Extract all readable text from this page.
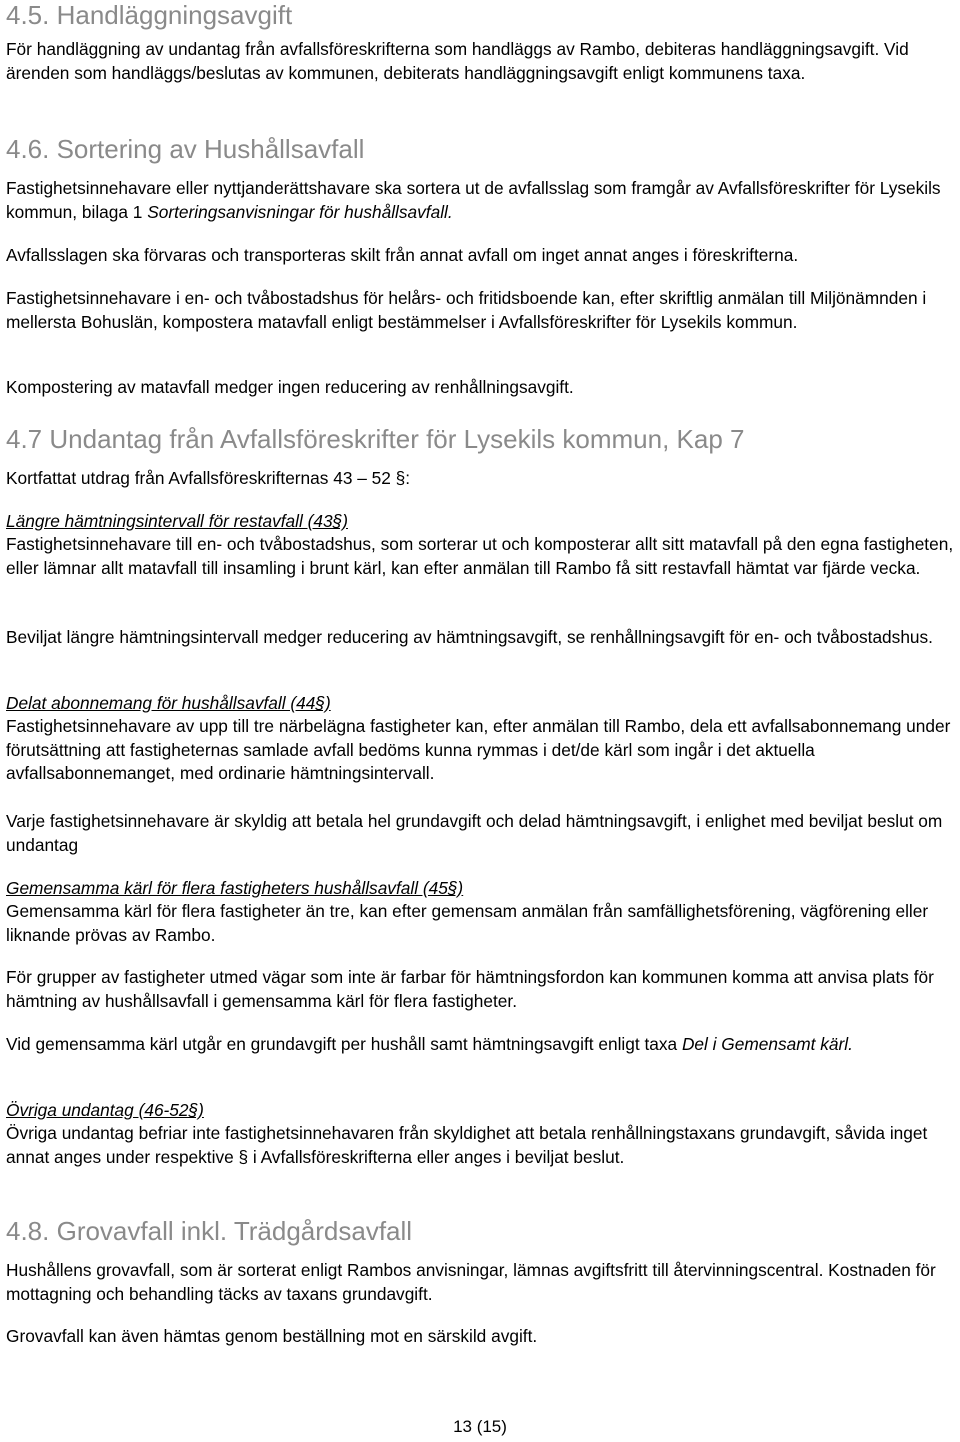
4.5. Handläggningsavgift

För handläggning av undantag från avfallsföreskrifterna som handläggs av Rambo, debiteras handläggningsavgift. Vid ärenden som handläggs/beslutas av kommunen, debiterats handläggningsavgift enligt kommunens taxa.

4.6. Sortering av Hushållsavfall

Fastighetsinnehavare eller nyttjanderättshavare ska sortera ut de avfallsslag som framgår av Avfallsföreskrifter för Lysekils kommun, bilaga 1 Sorteringsanvisningar för hushållsavfall.

Avfallsslagen ska förvaras och transporteras skilt från annat avfall om inget annat anges i föreskrifterna.

Fastighetsinnehavare i en- och tvåbostadshus för helårs- och fritidsboende kan, efter skriftlig anmälan till Miljönämnden i mellersta Bohuslän, kompostera matavfall enligt bestämmelser i Avfallsföreskrifter för Lysekils kommun.

Kompostering av matavfall medger ingen reducering av renhållningsavgift.

4.7 Undantag från Avfallsföreskrifter för Lysekils kommun, Kap 7

Kortfattat utdrag från Avfallsföreskrifternas 43 – 52 §:

Längre hämtningsintervall för restavfall (43§)

Fastighetsinnehavare till en- och tvåbostadshus, som sorterar ut och komposterar allt sitt matavfall på den egna fastigheten, eller lämnar allt matavfall till insamling i brunt kärl, kan efter anmälan till Rambo få sitt restavfall hämtat var fjärde vecka.

Beviljat längre hämtningsintervall medger reducering av hämtningsavgift, se renhållningsavgift för en- och tvåbostadshus.

Delat abonnemang för hushållsavfall (44§)

Fastighetsinnehavare av upp till tre närbelägna fastigheter kan, efter anmälan till Rambo, dela ett avfallsabonnemang under förutsättning att fastigheternas samlade avfall bedöms kunna rymmas i det/de kärl som ingår i det aktuella avfallsabonnemanget, med ordinarie hämtningsintervall.

Varje fastighetsinnehavare är skyldig att betala hel grundavgift och delad hämtningsavgift, i enlighet med beviljat beslut om undantag

Gemensamma kärl för flera fastigheters hushållsavfall (45§)

Gemensamma kärl för flera fastigheter än tre, kan efter gemensam anmälan från samfällighetsförening, vägförening eller liknande prövas av Rambo.

För grupper av fastigheter utmed vägar som inte är farbar för hämtningsfordon kan kommunen komma att anvisa plats för hämtning av hushållsavfall i gemensamma kärl för flera fastigheter.

Vid gemensamma kärl utgår en grundavgift per hushåll samt hämtningsavgift enligt taxa Del i Gemensamt kärl.

Övriga undantag (46-52§)

Övriga undantag befriar inte fastighetsinnehavaren från skyldighet att betala renhållningstaxans grundavgift, såvida inget annat anges under respektive § i Avfallsföreskrifterna eller anges i beviljat beslut.

4.8. Grovavfall inkl. Trädgårdsavfall

Hushållens grovavfall, som är sorterat enligt Rambos anvisningar, lämnas avgiftsfritt till återvinningscentral. Kostnaden för mottagning och behandling täcks av taxans grundavgift.

Grovavfall kan även hämtas genom beställning mot en särskild avgift.

13 (15)
